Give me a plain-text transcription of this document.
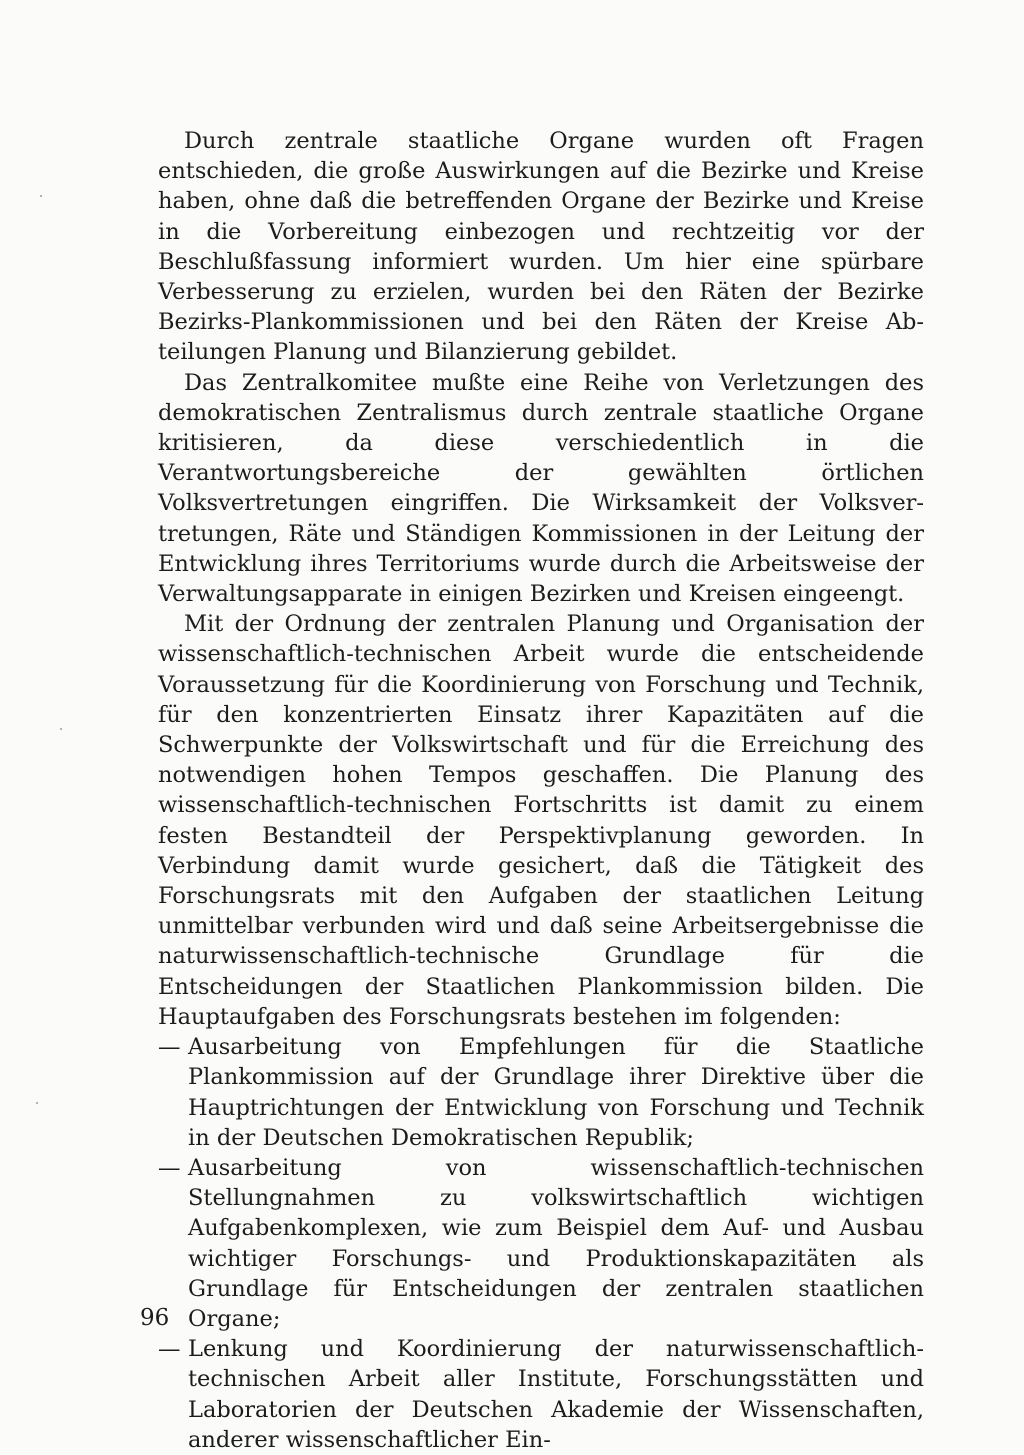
Durch zentrale staatliche Organe wurden oft Fragen entschieden, die große Auswirkungen auf die Bezirke und Kreise haben, ohne daß die betreffenden Organe der Bezirke und Kreise in die Vorbereitung einbezogen und rechtzeitig vor der Beschlußfassung informiert wurden. Um hier eine spürbare Verbesserung zu erzielen, wurden bei den Räten der Bezirke Bezirks-Plankommissionen und bei den Räten der Kreise Abteilungen Planung und Bilanzierung gebildet.

Das Zentralkomitee mußte eine Reihe von Verletzungen des demokratischen Zentralismus durch zentrale staatliche Organe kritisieren, da diese verschiedentlich in die Verantwortungsbereiche der gewählten örtlichen Volksvertretungen eingriffen. Die Wirksamkeit der Volksvertretungen, Räte und Ständigen Kommissionen in der Leitung der Entwicklung ihres Territoriums wurde durch die Arbeitsweise der Verwaltungsapparate in einigen Bezirken und Kreisen eingeengt.

Mit der Ordnung der zentralen Planung und Organisation der wissenschaftlich-technischen Arbeit wurde die entscheidende Voraussetzung für die Koordinierung von Forschung und Technik, für den konzentrierten Einsatz ihrer Kapazitäten auf die Schwerpunkte der Volkswirtschaft und für die Erreichung des notwendigen hohen Tempos geschaffen. Die Planung des wissenschaftlich-technischen Fortschritts ist damit zu einem festen Bestandteil der Perspektivplanung geworden. In Verbindung damit wurde gesichert, daß die Tätigkeit des Forschungsrats mit den Aufgaben der staatlichen Leitung unmittelbar verbunden wird und daß seine Arbeitsergebnisse die naturwissenschaftlich-technische Grundlage für die Entscheidungen der Staatlichen Plankommission bilden. Die Hauptaufgaben des Forschungsrats bestehen im folgenden:

— Ausarbeitung von Empfehlungen für die Staatliche Plankommission auf der Grundlage ihrer Direktive über die Hauptrichtungen der Entwicklung von Forschung und Technik in der Deutschen Demokratischen Republik;
— Ausarbeitung von wissenschaftlich-technischen Stellungnahmen zu volkswirtschaftlich wichtigen Aufgabenkomplexen, wie zum Beispiel dem Auf- und Ausbau wichtiger Forschungs- und Produktionskapazitäten als Grundlage für Entscheidungen der zentralen staatlichen Organe;
— Lenkung und Koordinierung der naturwissenschaftlich-technischen Arbeit aller Institute, Forschungsstätten und Laboratorien der Deutschen Akademie der Wissenschaften, anderer wissenschaftlicher Ein-
96
